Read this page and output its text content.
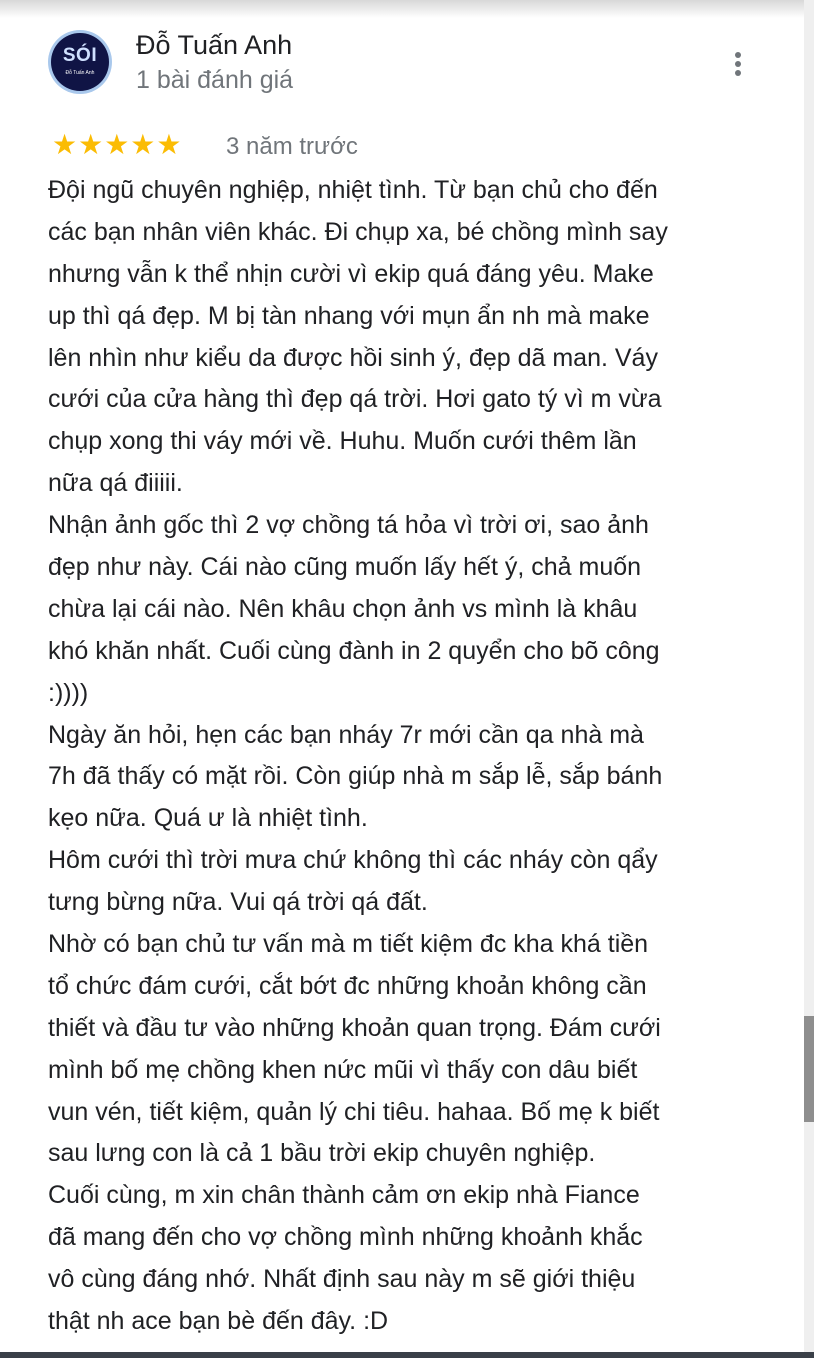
SÓI
Đỗ Tuấn Anh
Đỗ Tuấn Anh
1 bài đánh giá
★★★★★ 3 năm trước
Đội ngũ chuyên nghiệp, nhiệt tình. Từ bạn chủ cho đến
các bạn nhân viên khác. Đi chụp xa, bé chồng mình say
nhưng vẫn k thể nhịn cười vì ekip quá đáng yêu. Make
up thì qá đẹp. M bị tàn nhang với mụn ẩn nh mà make
lên nhìn như kiểu da được hồi sinh ý, đẹp dã man. Váy
cưới của cửa hàng thì đẹp qá trời. Hơi gato tý vì m vừa
chụp xong thi váy mới về. Huhu. Muốn cưới thêm lần
nữa qá điiiii.
Nhận ảnh gốc thì 2 vợ chồng tá hỏa vì trời ơi, sao ảnh
đẹp như này. Cái nào cũng muốn lấy hết ý, chả muốn
chừa lại cái nào. Nên khâu chọn ảnh vs mình là khâu
khó khăn nhất. Cuối cùng đành in 2 quyển cho bõ công
:))))
Ngày ăn hỏi, hẹn các bạn nháy 7r mới cần qa nhà mà
7h đã thấy có mặt rồi. Còn giúp nhà m sắp lễ, sắp bánh
kẹo nữa. Quá ư là nhiệt tình.
Hôm cưới thì trời mưa chứ không thì các nháy còn qẩy
tưng bừng nữa. Vui qá trời qá đất.
Nhờ có bạn chủ tư vấn mà m tiết kiệm đc kha khá tiền
tổ chức đám cưới, cắt bớt đc những khoản không cần
thiết và đầu tư vào những khoản quan trọng. Đám cưới
mình bố mẹ chồng khen nức mũi vì thấy con dâu biết
vun vén, tiết kiệm, quản lý chi tiêu. hahaa. Bố mẹ k biết
sau lưng con là cả 1 bầu trời ekip chuyên nghiệp.
Cuối cùng, m xin chân thành cảm ơn ekip nhà Fiance
đã mang đến cho vợ chồng mình những khoảnh khắc
vô cùng đáng nhớ. Nhất định sau này m sẽ giới thiệu
thật nh ace bạn bè đến đây. :D
